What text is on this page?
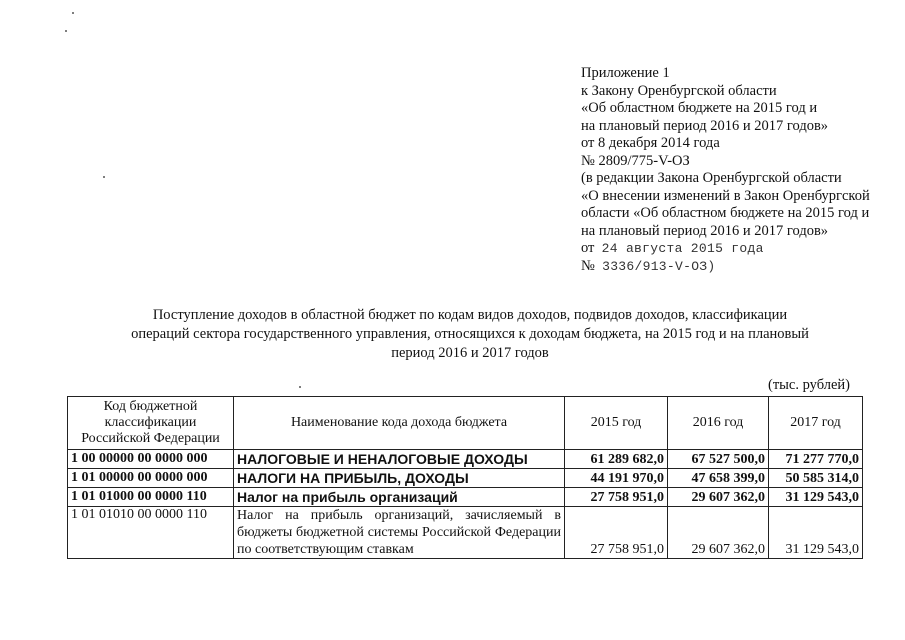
Приложение 1
к Закону Оренбургской области
«Об областном бюджете на 2015 год и
на плановый период 2016 и 2017 годов»
от 8 декабря 2014 года
№ 2809/775-V-ОЗ
(в редакции Закона Оренбургской области
«О внесении изменений в Закон Оренбургской
области «Об областном бюджете на 2015 год и
на плановый период 2016 и 2017 годов»
от 24 августа 2015 года
№ 3336/913-V-ОЗ)
Поступление доходов в областной бюджет по кодам видов доходов, подвидов доходов, классификации
операций сектора государственного управления, относящихся к доходам бюджета, на 2015 год и на плановый
период 2016 и 2017 годов
(тыс. рублей)
Код бюджетной классификации Российской Федерации	Наименование кода дохода бюджета	2015 год	2016 год	2017 год
1 00 00000 00 0000 000	НАЛОГОВЫЕ И НЕНАЛОГОВЫЕ ДОХОДЫ	61 289 682,0	67 527 500,0	71 277 770,0
1 01 00000 00 0000 000	НАЛОГИ НА ПРИБЫЛЬ, ДОХОДЫ	44 191 970,0	47 658 399,0	50 585 314,0
1 01 01000 00 0000 110	Налог на прибыль организаций	27 758 951,0	29 607 362,0	31 129 543,0
1 01 01010 00 0000 110	Налог на прибыль организаций, зачисляемый в бюджеты бюджетной системы Российской Федерации по соответствующим ставкам	27 758 951,0	29 607 362,0	31 129 543,0
